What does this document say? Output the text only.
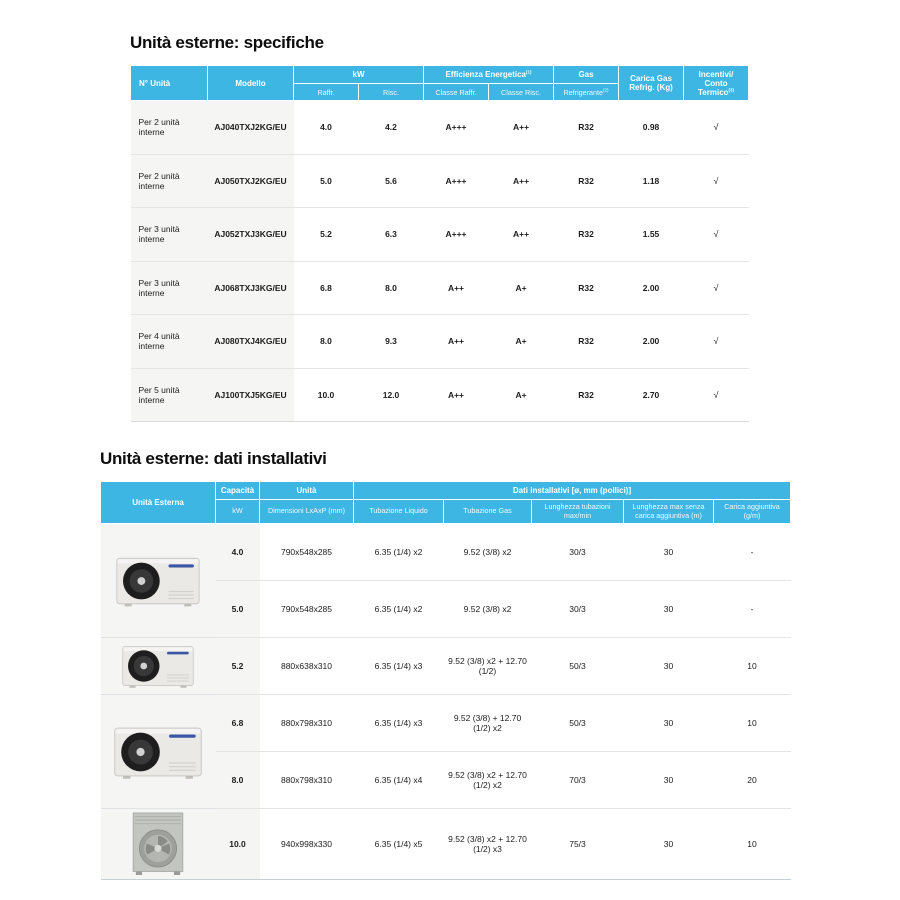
Unità esterne: specifiche
N° Unità	Modello	kW		Efficienza Energetica$^{(1)}$		Gas	Carica Gas
Refrig. (Kg)	Incentivi/
Conto Termico$^{(3)}$
		Raffr.	Risc.	Classe Raffr.	Classe Risc.	Refrigerante$^{(2)}$
Per 2 unità interne	AJ040TXJ2KG/EU	4.0	4.2	A+++	A++	R32	0.98	√
Per 2 unità interne	AJ050TXJ2KG/EU	5.0	5.6	A+++	A++	R32	1.18	√
Per 3 unità interne	AJ052TXJ3KG/EU	5.2	6.3	A+++	A++	R32	1.55	√
Per 3 unità interne	AJ068TXJ3KG/EU	6.8	8.0	A++	A+	R32	2.00	√
Per 4 unità interne	AJ080TXJ4KG/EU	8.0	9.3	A++	A+	R32	2.00	√
Per 5 unità interne	AJ100TXJ5KG/EU	10.0	12.0	A++	A+	R32	2.70	√
Unità esterne: dati installativi
Unità Esterna	Capacità	Unità	Dati installativi [ø, mm (pollici)]				
	kW	Dimensioni LxAxP (mm)	Tubazione Liquido	Tubazione Gas	Lunghezza tubazioni max/min	Lunghezza max senza carica aggiuntiva (m)	Carica aggiuntiva (g/m)

	4.0	790x548x285	6.35 (1/4) x2	9.52 (3/8) x2	30/3	30	-
	5.0	790x548x285	6.35 (1/4) x2	9.52 (3/8) x2	30/3	30	-

	5.2	880x638x310	6.35 (1/4) x3	9.52 (3/8) x2 + 12.70 (1/2)	50/3	30	10

	6.8	880x798x310	6.35 (1/4) x3	9.52 (3/8) + 12.70 (1/2) x2	50/3	30	10
	8.0	880x798x310	6.35 (1/4) x4	9.52 (3/8) x2 + 12.70 (1/2) x2	70/3	30	20

	10.0	940x998x330	6.35 (1/4) x5	9.52 (3/8) x2 + 12.70 (1/2) x3	75/3	30	10
